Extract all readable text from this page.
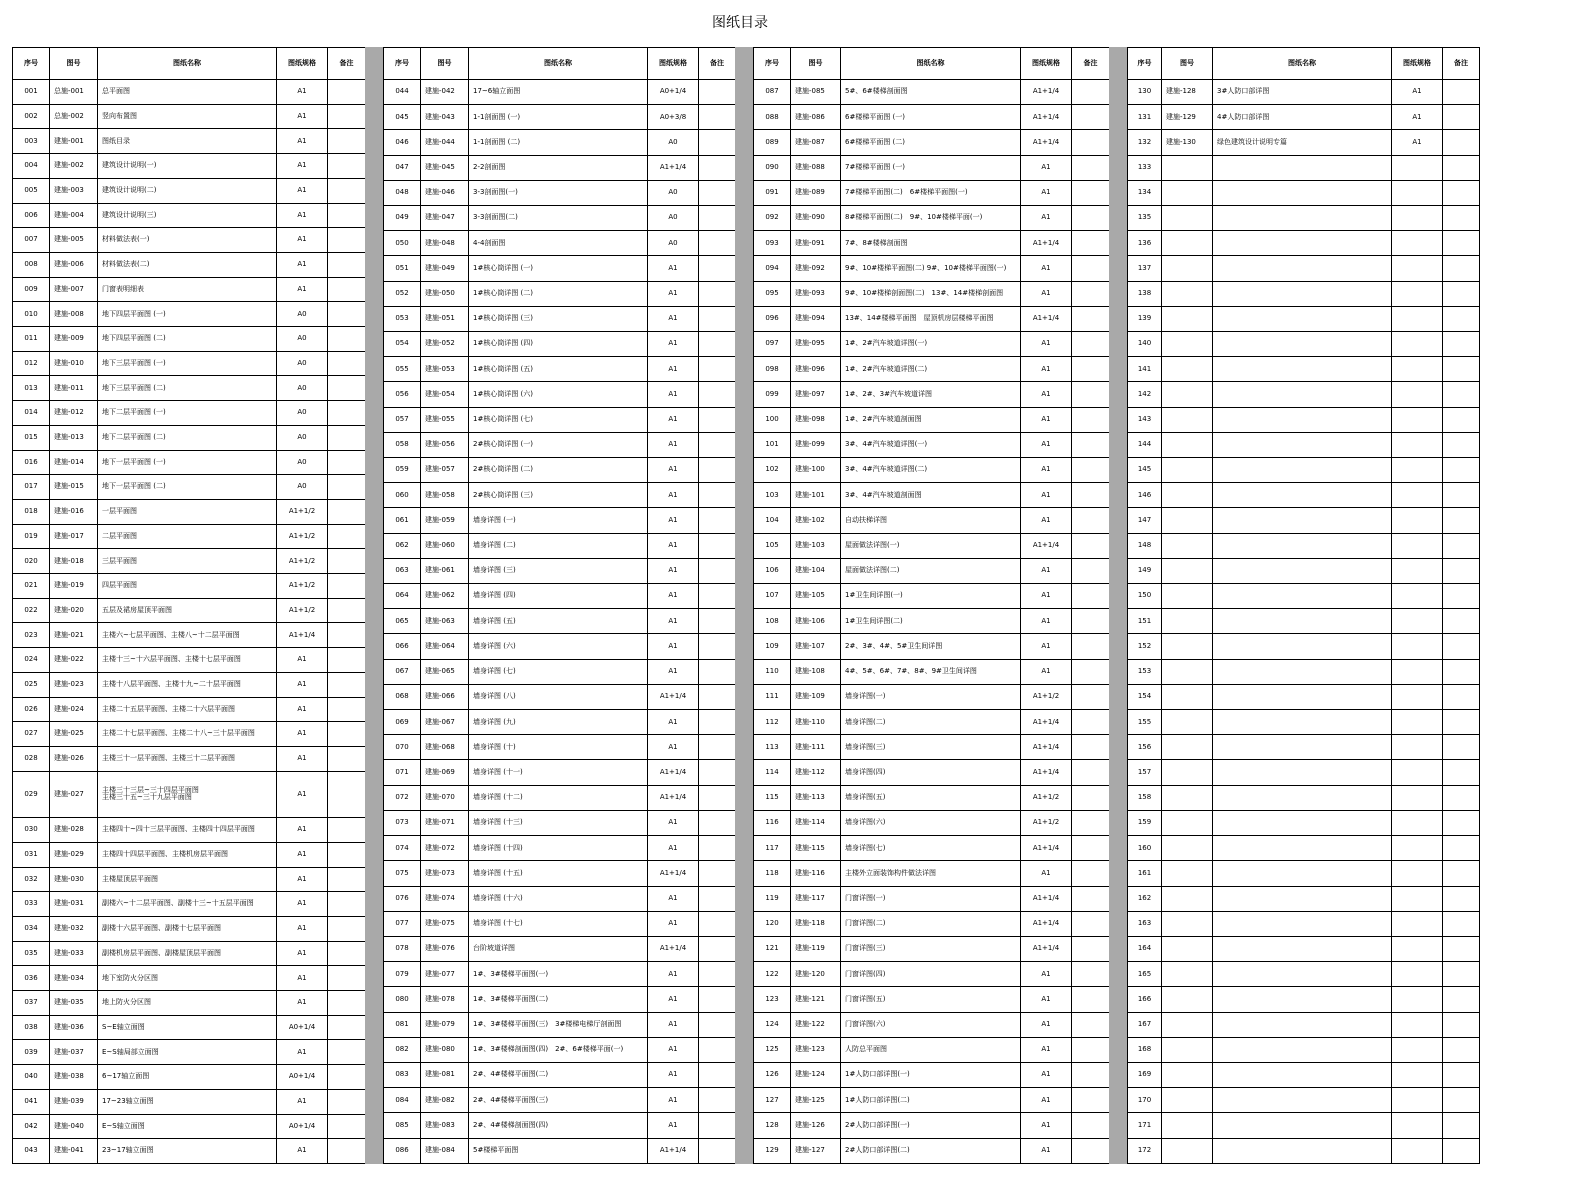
图纸目录
序号	图号	图纸名称	图纸规格	备注
001	总施-001	总平面图	A1	
002	总施-002	竖向布置图	A1	
003	建施-001	图纸目录	A1	
004	建施-002	建筑设计说明(一)	A1	
005	建施-003	建筑设计说明(二)	A1	
006	建施-004	建筑设计说明(三)	A1	
007	建施-005	材料做法表(一)	A1	
008	建施-006	材料做法表(二)	A1	
009	建施-007	门窗表明细表	A1	
010	建施-008	地下四层平面图 (一)	A0	
011	建施-009	地下四层平面图 (二)	A0	
012	建施-010	地下三层平面图 (一)	A0	
013	建施-011	地下三层平面图 (二)	A0	
014	建施-012	地下二层平面图 (一)	A0	
015	建施-013	地下二层平面图 (二)	A0	
016	建施-014	地下一层平面图 (一)	A0	
017	建施-015	地下一层平面图 (二)	A0	
018	建施-016	一层平面图	A1+1/2	
019	建施-017	二层平面图	A1+1/2	
020	建施-018	三层平面图	A1+1/2	
021	建施-019	四层平面图	A1+1/2	
022	建施-020	五层及裙房屋顶平面图	A1+1/2	
023	建施-021	主楼六~七层平面图、主楼八~十二层平面图	A1+1/4	
024	建施-022	主楼十三~十六层平面图、主楼十七层平面图	A1	
025	建施-023	主楼十八层平面图、主楼十九~二十层平面图	A1	
026	建施-024	主楼二十五层平面图、主楼二十六层平面图	A1	
027	建施-025	主楼二十七层平面图、主楼二十八~三十层平面图	A1	
028	建施-026	主楼三十一层平面图、主楼三十二层平面图	A1	
029	建施-027	主楼三十三层~三十四层平面图
主楼三十五~三十九层平面图	A1	
030	建施-028	主楼四十~四十三层平面图、主楼四十四层平面图	A1	
031	建施-029	主楼四十四层平面图、主楼机房层平面图	A1	
032	建施-030	主楼屋顶层平面图	A1	
033	建施-031	副楼六~十二层平面图、副楼十三~十五层平面图	A1	
034	建施-032	副楼十六层平面图、副楼十七层平面图	A1	
035	建施-033	副楼机房层平面图、副楼屋顶层平面图	A1	
036	建施-034	地下室防火分区图	A1	
037	建施-035	地上防火分区图	A1	
038	建施-036	S~E轴立面图	A0+1/4	
039	建施-037	E~S轴局部立面图	A1	
040	建施-038	6~17轴立面图	A0+1/4	
041	建施-039	17~23轴立面图	A1	
042	建施-040	E~S轴立面图	A0+1/4	
043	建施-041	23~17轴立面图	A1	
序号	图号	图纸名称	图纸规格	备注
044	建施-042	17~6轴立面图	A0+1/4	
045	建施-043	1-1剖面图 (一)	A0+3/8	
046	建施-044	1-1剖面图 (二)	A0	
047	建施-045	2-2剖面图	A1+1/4	
048	建施-046	3-3剖面图(一)	A0	
049	建施-047	3-3剖面图(二)	A0	
050	建施-048	4-4剖面图	A0	
051	建施-049	1#核心筒详图 (一)	A1	
052	建施-050	1#核心筒详图 (二)	A1	
053	建施-051	1#核心筒详图 (三)	A1	
054	建施-052	1#核心筒详图 (四)	A1	
055	建施-053	1#核心筒详图 (五)	A1	
056	建施-054	1#核心筒详图 (六)	A1	
057	建施-055	1#核心筒详图 (七)	A1	
058	建施-056	2#核心筒详图 (一)	A1	
059	建施-057	2#核心筒详图 (二)	A1	
060	建施-058	2#核心筒详图 (三)	A1	
061	建施-059	墙身详图 (一)	A1	
062	建施-060	墙身详图 (二)	A1	
063	建施-061	墙身详图 (三)	A1	
064	建施-062	墙身详图 (四)	A1	
065	建施-063	墙身详图 (五)	A1	
066	建施-064	墙身详图 (六)	A1	
067	建施-065	墙身详图 (七)	A1	
068	建施-066	墙身详图 (八)	A1+1/4	
069	建施-067	墙身详图 (九)	A1	
070	建施-068	墙身详图 (十)	A1	
071	建施-069	墙身详图 (十一)	A1+1/4	
072	建施-070	墙身详图 (十二)	A1+1/4	
073	建施-071	墙身详图 (十三)	A1	
074	建施-072	墙身详图 (十四)	A1	
075	建施-073	墙身详图 (十五)	A1+1/4	
076	建施-074	墙身详图 (十六)	A1	
077	建施-075	墙身详图 (十七)	A1	
078	建施-076	台阶坡道详图	A1+1/4	
079	建施-077	1#、3#楼梯平面图(一)	A1	
080	建施-078	1#、3#楼梯平面图(二)	A1	
081	建施-079	1#、3#楼梯平面图(三)　3#楼梯电梯厅剖面图	A1	
082	建施-080	1#、3#楼梯剖面图(四)　2#、6#楼梯平面(一)	A1	
083	建施-081	2#、4#楼梯平面图(二)	A1	
084	建施-082	2#、4#楼梯平面图(三)	A1	
085	建施-083	2#、4#楼梯剖面图(四)	A1	
086	建施-084	5#楼梯平面图	A1+1/4	
序号	图号	图纸名称	图纸规格	备注
087	建施-085	5#、6#楼梯剖面图	A1+1/4	
088	建施-086	6#楼梯平面图 (一)	A1+1/4	
089	建施-087	6#楼梯平面图 (二)	A1+1/4	
090	建施-088	7#楼梯平面图 (一)	A1	
091	建施-089	7#楼梯平面图(二)　6#楼梯平面图(一)	A1	
092	建施-090	8#楼梯平面图(二)　9#、10#楼梯平面(一)	A1	
093	建施-091	7#、8#楼梯剖面图	A1+1/4	
094	建施-092	9#、10#楼梯平面图(二) 9#、10#楼梯平面图(一)	A1	
095	建施-093	9#、10#楼梯剖面图(二)　13#、14#楼梯剖面图	A1	
096	建施-094	13#、14#楼梯平面图　屋顶机房层楼梯平面图	A1+1/4	
097	建施-095	1#、2#汽车坡道详图(一)	A1	
098	建施-096	1#、2#汽车坡道详图(二)	A1	
099	建施-097	1#、2#、3#汽车坡道详图	A1	
100	建施-098	1#、2#汽车坡道剖面图	A1	
101	建施-099	3#、4#汽车坡道详图(一)	A1	
102	建施-100	3#、4#汽车坡道详图(二)	A1	
103	建施-101	3#、4#汽车坡道剖面图	A1	
104	建施-102	自动扶梯详图	A1	
105	建施-103	屋面做法详图(一)	A1+1/4	
106	建施-104	屋面做法详图(二)	A1	
107	建施-105	1#卫生间详图(一)	A1	
108	建施-106	1#卫生间详图(二)	A1	
109	建施-107	2#、3#、4#、5#卫生间详图	A1	
110	建施-108	4#、5#、6#、7#、8#、9#卫生间详图	A1	
111	建施-109	墙身详图(一)	A1+1/2	
112	建施-110	墙身详图(二)	A1+1/4	
113	建施-111	墙身详图(三)	A1+1/4	
114	建施-112	墙身详图(四)	A1+1/4	
115	建施-113	墙身详图(五)	A1+1/2	
116	建施-114	墙身详图(六)	A1+1/2	
117	建施-115	墙身详图(七)	A1+1/4	
118	建施-116	主楼外立面装饰构件做法详图	A1	
119	建施-117	门窗详图(一)	A1+1/4	
120	建施-118	门窗详图(二)	A1+1/4	
121	建施-119	门窗详图(三)	A1+1/4	
122	建施-120	门窗详图(四)	A1	
123	建施-121	门窗详图(五)	A1	
124	建施-122	门窗详图(六)	A1	
125	建施-123	人防总平面图	A1	
126	建施-124	1#人防口部详图(一)	A1	
127	建施-125	1#人防口部详图(二)	A1	
128	建施-126	2#人防口部详图(一)	A1	
129	建施-127	2#人防口部详图(二)	A1	
序号	图号	图纸名称	图纸规格	备注
130	建施-128	3#人防口部详图	A1	
131	建施-129	4#人防口部详图	A1	
132	建施-130	绿色建筑设计说明专篇	A1	
133				
134				
135				
136				
137				
138				
139				
140				
141				
142				
143				
144				
145				
146				
147				
148				
149				
150				
151				
152				
153				
154				
155				
156				
157				
158				
159				
160				
161				
162				
163				
164				
165				
166				
167				
168				
169				
170				
171				
172				
